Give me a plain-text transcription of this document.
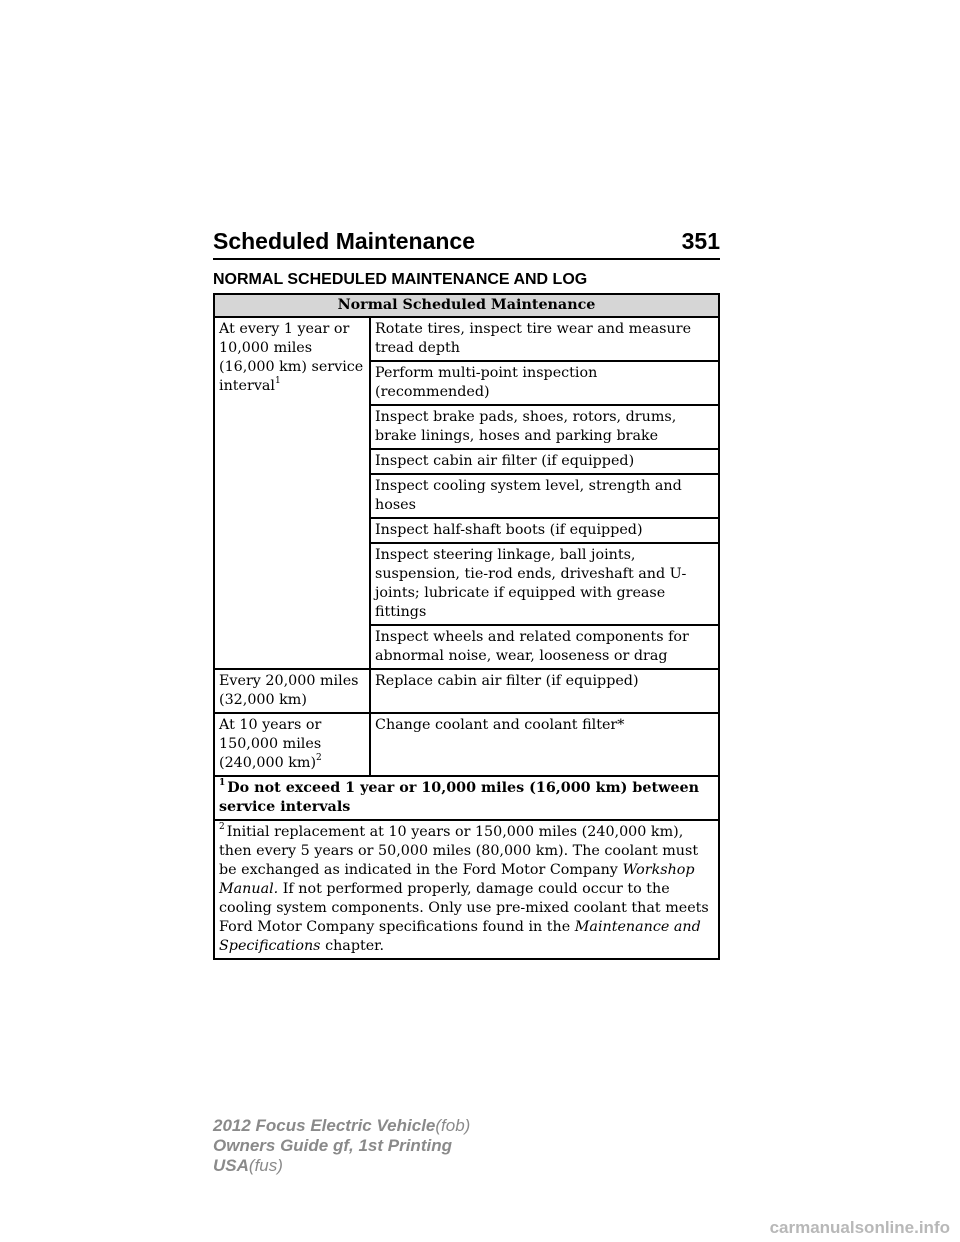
Scheduled Maintenance	351
NORMAL SCHEDULED MAINTENANCE AND LOG
Normal Scheduled Maintenance	
At every 1 year or 10,000 miles (16,000 km) service interval$^1$	Rotate tires, inspect tire wear and measure tread depth
	Perform multi-point inspection (recommended)
	Inspect brake pads, shoes, rotors, drums, brake linings, hoses and parking brake
	Inspect cabin air filter (if equipped)
	Inspect cooling system level, strength and hoses
	Inspect half-shaft boots (if equipped)
	Inspect steering linkage, ball joints, suspension, tie-rod ends, driveshaft and U-joints; lubricate if equipped with grease fittings
	Inspect wheels and related components for abnormal noise, wear, looseness or drag
Every 20,000 miles (32,000 km)	Replace cabin air filter (if equipped)
At 10 years or 150,000 miles (240,000 km)$^2$	Change coolant and coolant filter*
$^1$ Do not exceed 1 year or 10,000 miles (16,000 km) between service intervals	
$^2$ Initial replacement at 10 years or 150,000 miles (240,000 km), then every 5 years or 50,000 miles (80,000 km). The coolant must be exchanged as indicated in the Ford Motor Company Workshop Manual. If not performed properly, damage could occur to the cooling system components. Only use pre-mixed coolant that meets Ford Motor Company specifications found in the Maintenance and Specifications chapter.	
2012 Focus Electric Vehicle(fob)
Owners Guide gf, 1st Printing
USA(fus)
carmanualsonline.info
